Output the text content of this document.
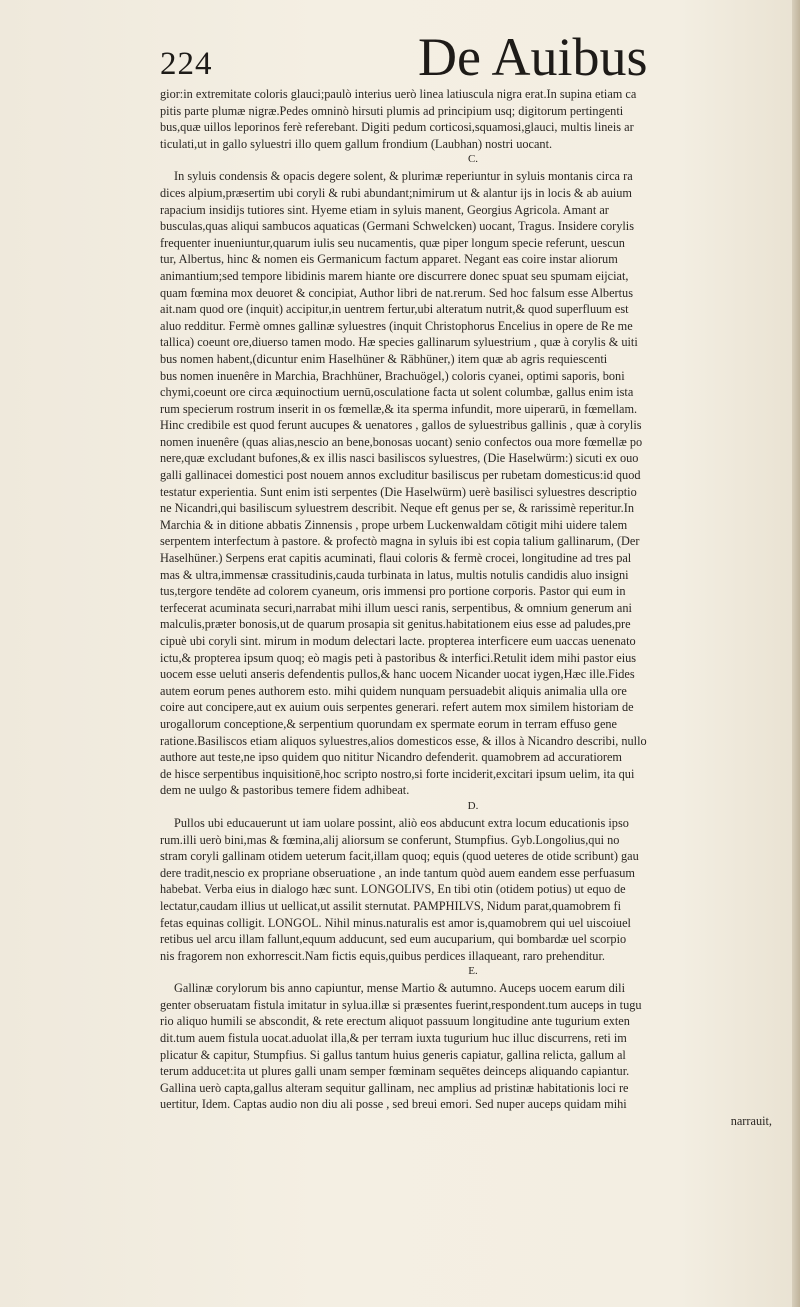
224	De Auibus

gior:in extremitate coloris glauci;paulò interius uerò linea latiuscula nigra erat.In supina etiam ca

pitis parte plumæ nigræ.Pedes omninò hirsuti plumis ad principium usq; digitorum pertingenti

bus,quæ uillos leporinos ferè referebant. Digiti pedum corticosi,squamosi,glauci, multis lineis ar

ticulati,ut in gallo syluestri illo quem gallum frondium (Laubhan) nostri uocant.

C.

In syluis condensis & opacis degere solent, & plurimæ reperiuntur in syluis montanis circa ra

dices alpium,præsertim ubi coryli & rubi abundant;nimirum ut & alantur ijs in locis & ab auium

rapacium insidijs tutiores sint. Hyeme etiam in syluis manent, Georgius Agricola. Amant ar

busculas,quas aliqui sambucos aquaticas (Germani Schwelcken) uocant, Tragus. Insidere corylis

frequenter inueniuntur,quarum iulis seu nucamentis, quæ piper longum specie referunt, uescun

tur, Albertus, hinc & nomen eis Germanicum factum apparet. Negant eas coire instar aliorum

animantium;sed tempore libidinis marem hiante ore discurrere donec spuat seu spumam eijciat,

quam fœmina mox deuoret & concipiat, Author libri de nat.rerum. Sed hoc falsum esse Albertus

ait.nam quod ore (inquit) accipitur,in uentrem fertur,ubi alteratum nutrit,& quod superfluum est

aluo redditur. Fermè omnes gallinæ syluestres (inquit Christophorus Encelius in opere de Re me

tallica) coeunt ore,diuerso tamen modo. Hæ species gallinarum syluestrium , quæ à corylis & uiti

bus nomen habent,(dicuntur enim Haselhüner & Räbhüner,) item quæ ab agris requiescenti

bus nomen inuenêre in Marchia, Brachhüner, Brachuögel,) coloris cyanei, optimi saporis, boni

chymi,coeunt ore circa æquinoctium uernū,osculatione facta ut solent columbæ, gallus enim ista

rum specierum rostrum inserit in os fœmellæ,& ita sperma infundit, more uiperarū, in fœmellam.

Hinc credibile est quod ferunt aucupes & uenatores , gallos de syluestribus gallinis , quæ à corylis

nomen inuenêre (quas alias,nescio an bene,bonosas uocant) senio confectos oua more fœmellæ po

nere,quæ excludant bufones,& ex illis nasci basiliscos syluestres, (Die Haselwürm:) sicuti ex ouo

galli gallinacei domestici post nouem annos excluditur basiliscus per rubetam domesticus:id quod

testatur experientia. Sunt enim isti serpentes (Die Haselwürm) uerè basilisci syluestres descriptio

ne Nicandri,qui basiliscum syluestrem describit. Neque eft genus per se, & rarissimè reperitur.In

Marchia & in ditione abbatis Zinnensis , prope urbem Luckenwaldam cōtigit mihi uidere talem

serpentem interfectum à pastore. & profectò magna in syluis ibi est copia talium gallinarum, (Der

Haselhüner.) Serpens erat capitis acuminati, flaui coloris & fermè crocei, longitudine ad tres pal

mas & ultra,immensæ crassitudinis,cauda turbinata in latus, multis notulis candidis aluo insigni

tus,tergore tendēte ad colorem cyaneum, oris immensi pro portione corporis. Pastor qui eum in

terfecerat acuminata securi,narrabat mihi illum uesci ranis, serpentibus, & omnium generum ani

malculis,præter bonosis,ut de quarum prosapia sit genitus.habitationem eius esse ad paludes,pre

cipuè ubi coryli sint. mirum in modum delectari lacte. propterea interficere eum uaccas uenenato

ictu,& propterea ipsum quoq; eò magis peti à pastoribus & interfici.Retulit idem mihi pastor eius

uocem esse ueluti anseris defendentis pullos,& hanc uocem Nicander uocat iygen,Hæc ille.Fides

autem eorum penes authorem esto. mihi quidem nunquam persuadebit aliquis animalia ulla ore

coire aut concipere,aut ex auium ouis serpentes generari. refert autem mox similem historiam de

urogallorum conceptione,& serpentium quorundam ex spermate eorum in terram effuso gene

ratione.Basiliscos etiam aliquos syluestres,alios domesticos esse, & illos à Nicandro describi, nullo

authore aut teste,ne ipso quidem quo nititur Nicandro defenderit. quamobrem ad accuratiorem

de hisce serpentibus inquisitionē,hoc scripto nostro,si forte inciderit,excitari ipsum uelim, ita qui

dem ne uulgo & pastoribus temere fidem adhibeat.

D.

Pullos ubi educauerunt ut iam uolare possint, aliò eos abducunt extra locum educationis ipso

rum.illi uerò bini,mas & fœmina,alij aliorsum se conferunt, Stumpfius. Gyb.Longolius,qui no

stram coryli gallinam otidem ueterum facit,illam quoq; equis (quod ueteres de otide scribunt) gau

dere tradit,nescio ex propriane obseruatione , an inde tantum quòd auem eandem esse perfuasum

habebat. Verba eius in dialogo hæc sunt. LONGOLIVS, En tibi otin (otidem potius) ut equo de

lectatur,caudam illius ut uellicat,ut assilit sternutat. PAMPHILVS, Nidum parat,quamobrem fi

fetas equinas colligit. LONGOL. Nihil minus.naturalis est amor is,quamobrem qui uel uiscoiuel

retibus uel arcu illam fallunt,equum adducunt, sed eum aucuparium, qui bombardæ uel scorpio

nis fragorem non exhorrescit.Nam fictis equis,quibus perdices illaqueant, raro prehenditur.

E.

Gallinæ corylorum bis anno capiuntur, mense Martio & autumno. Auceps uocem earum dili

genter obseruatam fistula imitatur in sylua.illæ si præsentes fuerint,respondent.tum auceps in tugu

rio aliquo humili se abscondit, & rete erectum aliquot passuum longitudine ante tugurium exten

dit.tum auem fistula uocat.aduolat illa,& per terram iuxta tugurium huc illuc discurrens, reti im

plicatur & capitur, Stumpfius. Si gallus tantum huius generis capiatur, gallina relicta, gallum al

terum adducet:ita ut plures galli unam semper fœminam sequētes deinceps aliquando capiantur.

Gallina uerò capta,gallus alteram sequitur gallinam, nec amplius ad pristinæ habitationis loci re

uertitur, Idem. Captas audio non diu ali posse , sed breui emori. Sed nuper auceps quidam mihi

narrauit,
